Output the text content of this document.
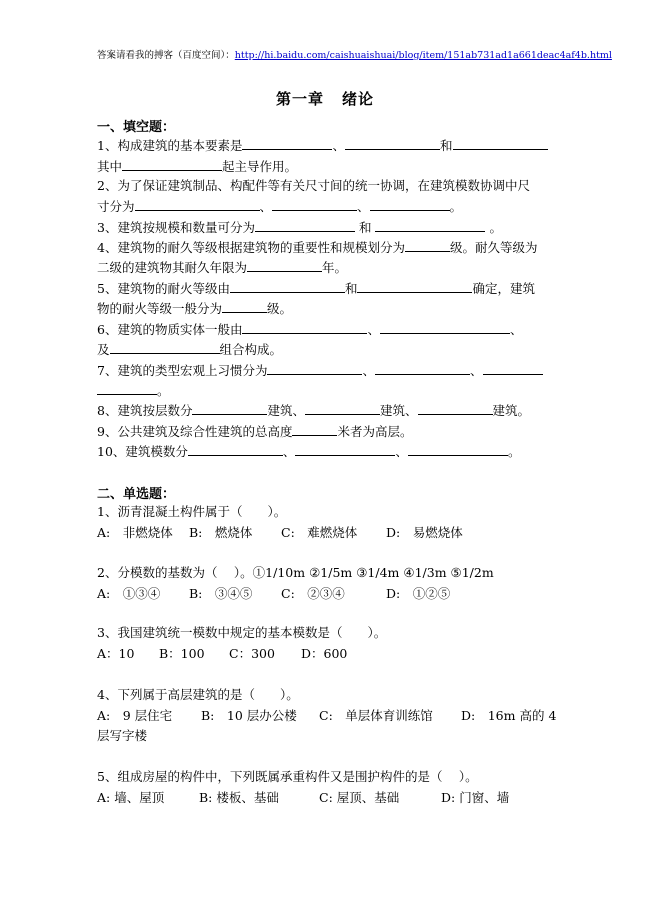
答案请看我的搏客（百度空间）：http://hi.baidu.com/caishuaishuai/blog/item/151ab731ad1a661deac4af4b.html
第一章 绪论
一、填空题：
1、构成建筑的基本要素是	、	和
其中	起主导作用。
2、为了保证建筑制品、构配件等有关尺寸间的统一协调，在建筑模数协调中尺
寸分为	、	、	。
3、建筑按规模和数量可分为	和	。
4、建筑物的耐久等级根据建筑物的重要性和规模划分为	级。耐久等级为
二级的建筑物其耐久年限为	年。
5、建筑物的耐火等级由	和	确定，建筑
物的耐火等级一般分为	级。
6、建筑的物质实体一般由	、	、
及	组合构成。
7、建筑的类型宏观上习惯分为	、	、
。
8、建筑按层数分	建筑、	建筑、	建筑。
9、公共建筑及综合性建筑的总高度	米者为高层。
10、建筑模数分	、	、	。
二、单选题：
1、沥青混凝土构件属于（　　）。
A:　非燃烧体 B:　燃烧体 C:　难燃烧体 D:　易燃烧体
2、分模数的基数为（　 ）。①1/10m ②1/5m ③1/4m ④1/3m ⑤1/2m
A:　①③④ B:　③④⑤ C:　②③④	D:　①②⑤
3、我国建筑统一模数中规定的基本模数是（　　）。
A：10 B：100 C：300 D：600
4、下列属于高层建筑的是（　　）。
A:　9 层住宅 B:　10 层办公楼 C:　单层体育训练馆 D:　16m 高的 4
层写字楼
5、组成房屋的构件中，下列既属承重构件又是围护构件的是（　 ）。
A: 墙、屋顶	B: 楼板、基础	C: 屋顶、基础	D: 门窗、墙
